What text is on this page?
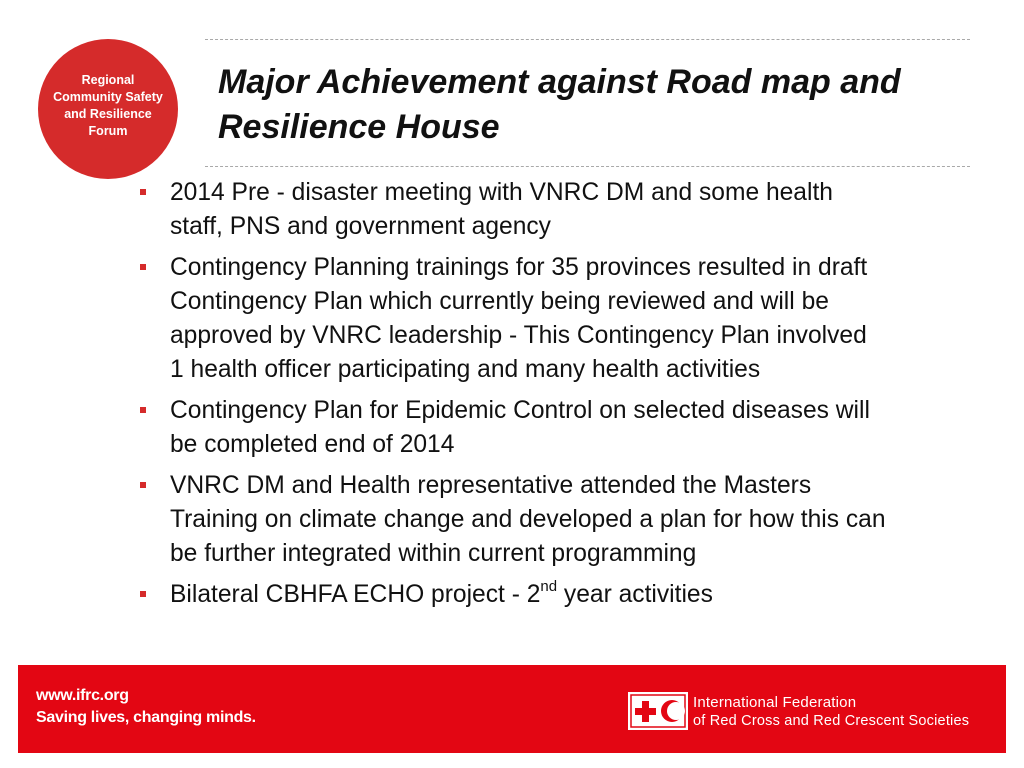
Regional
Community Safety
and Resilience
Forum
Major Achievement against Road map and
Resilience House
2014 Pre - disaster meeting with VNRC DM and some health
staff, PNS and government agency
Contingency Planning trainings for 35 provinces resulted in draft
Contingency Plan which currently being reviewed and will be
approved by VNRC leadership - This Contingency Plan involved
1 health officer participating and many health activities
Contingency Plan for Epidemic Control on selected diseases will
be completed end of 2014
VNRC DM and Health representative attended the Masters
Training on climate change and developed a plan for how this can
be further integrated within current programming
Bilateral CBHFA ECHO project - 2nd year activities
www.ifrc.org
Saving lives, changing minds.
International Federation
of Red Cross and Red Crescent Societies
